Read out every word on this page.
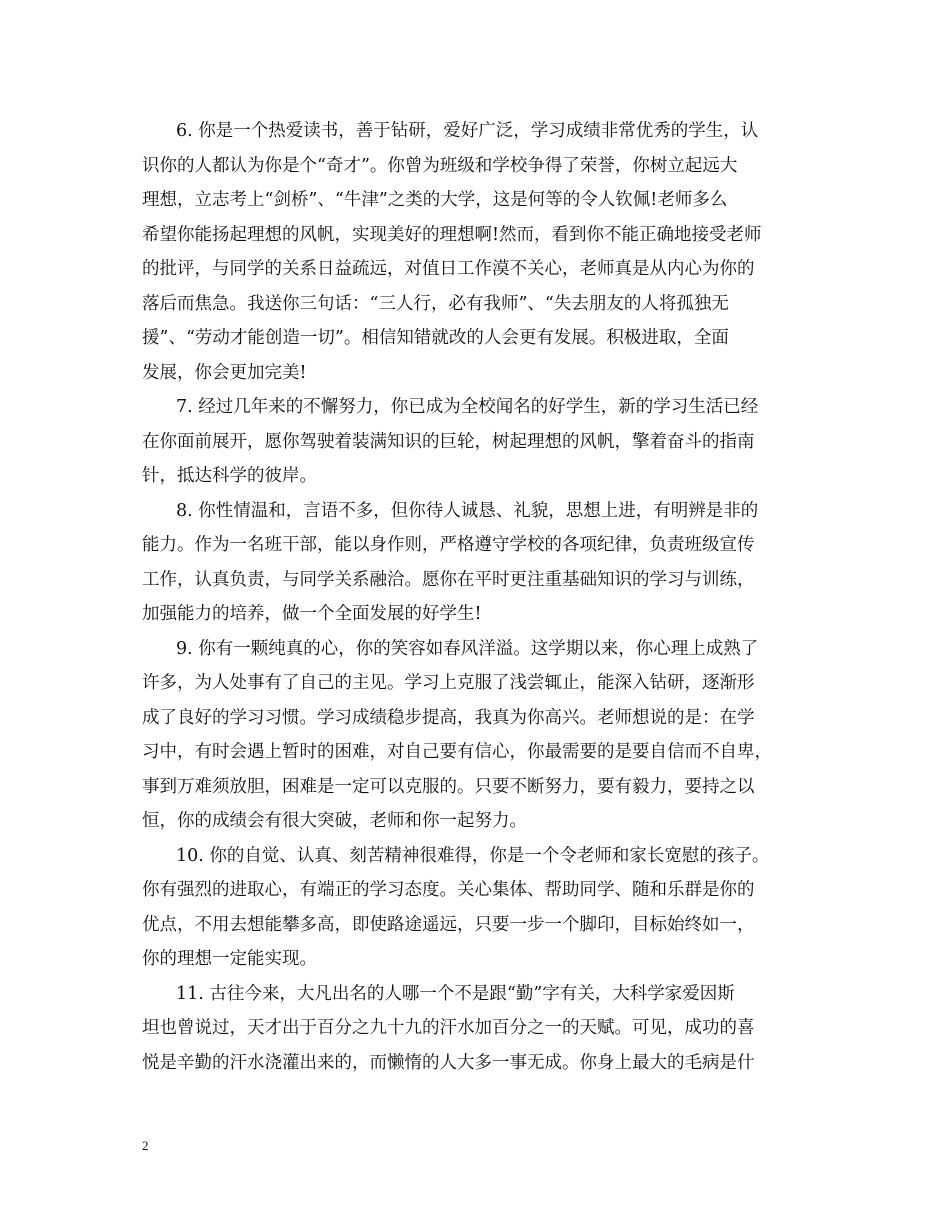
6. 你是一个热爱读书，善于钻研，爱好广泛，学习成绩非常优秀的学生，认
识你的人都认为你是个“奇才”。你曾为班级和学校争得了荣誉，你树立起远大
理想，立志考上“剑桥”、“牛津”之类的大学，这是何等的令人钦佩!老师多么
希望你能扬起理想的风帆，实现美好的理想啊!然而，看到你不能正确地接受老师
的批评，与同学的关系日益疏远，对值日工作漠不关心，老师真是从内心为你的
落后而焦急。我送你三句话：“三人行，必有我师”、“失去朋友的人将孤独无
援”、“劳动才能创造一切”。相信知错就改的人会更有发展。积极进取，全面
发展，你会更加完美!
7. 经过几年来的不懈努力，你已成为全校闻名的好学生，新的学习生活已经
在你面前展开，愿你驾驶着装满知识的巨轮，树起理想的风帆，擎着奋斗的指南
针，抵达科学的彼岸。
8. 你性情温和，言语不多，但你待人诚恳、礼貌，思想上进，有明辨是非的
能力。作为一名班干部，能以身作则，严格遵守学校的各项纪律，负责班级宣传
工作，认真负责，与同学关系融洽。愿你在平时更注重基础知识的学习与训练，
加强能力的培养，做一个全面发展的好学生!
9. 你有一颗纯真的心，你的笑容如春风洋溢。这学期以来，你心理上成熟了
许多，为人处事有了自己的主见。学习上克服了浅尝辄止，能深入钻研，逐渐形
成了良好的学习习惯。学习成绩稳步提高，我真为你高兴。老师想说的是：在学
习中，有时会遇上暂时的困难，对自己要有信心，你最需要的是要自信而不自卑，
事到万难须放胆，困难是一定可以克服的。只要不断努力，要有毅力，要持之以
恒，你的成绩会有很大突破，老师和你一起努力。
10. 你的自觉、认真、刻苦精神很难得，你是一个令老师和家长宽慰的孩子。
你有强烈的进取心，有端正的学习态度。关心集体、帮助同学、随和乐群是你的
优点，不用去想能攀多高，即使路途遥远，只要一步一个脚印，目标始终如一，
你的理想一定能实现。
11. 古往今来，大凡出名的人哪一个不是跟“勤”字有关，大科学家爱因斯
坦也曾说过，天才出于百分之九十九的汗水加百分之一的天赋。可见，成功的喜
悦是辛勤的汗水浇灌出来的，而懒惰的人大多一事无成。你身上最大的毛病是什
2
